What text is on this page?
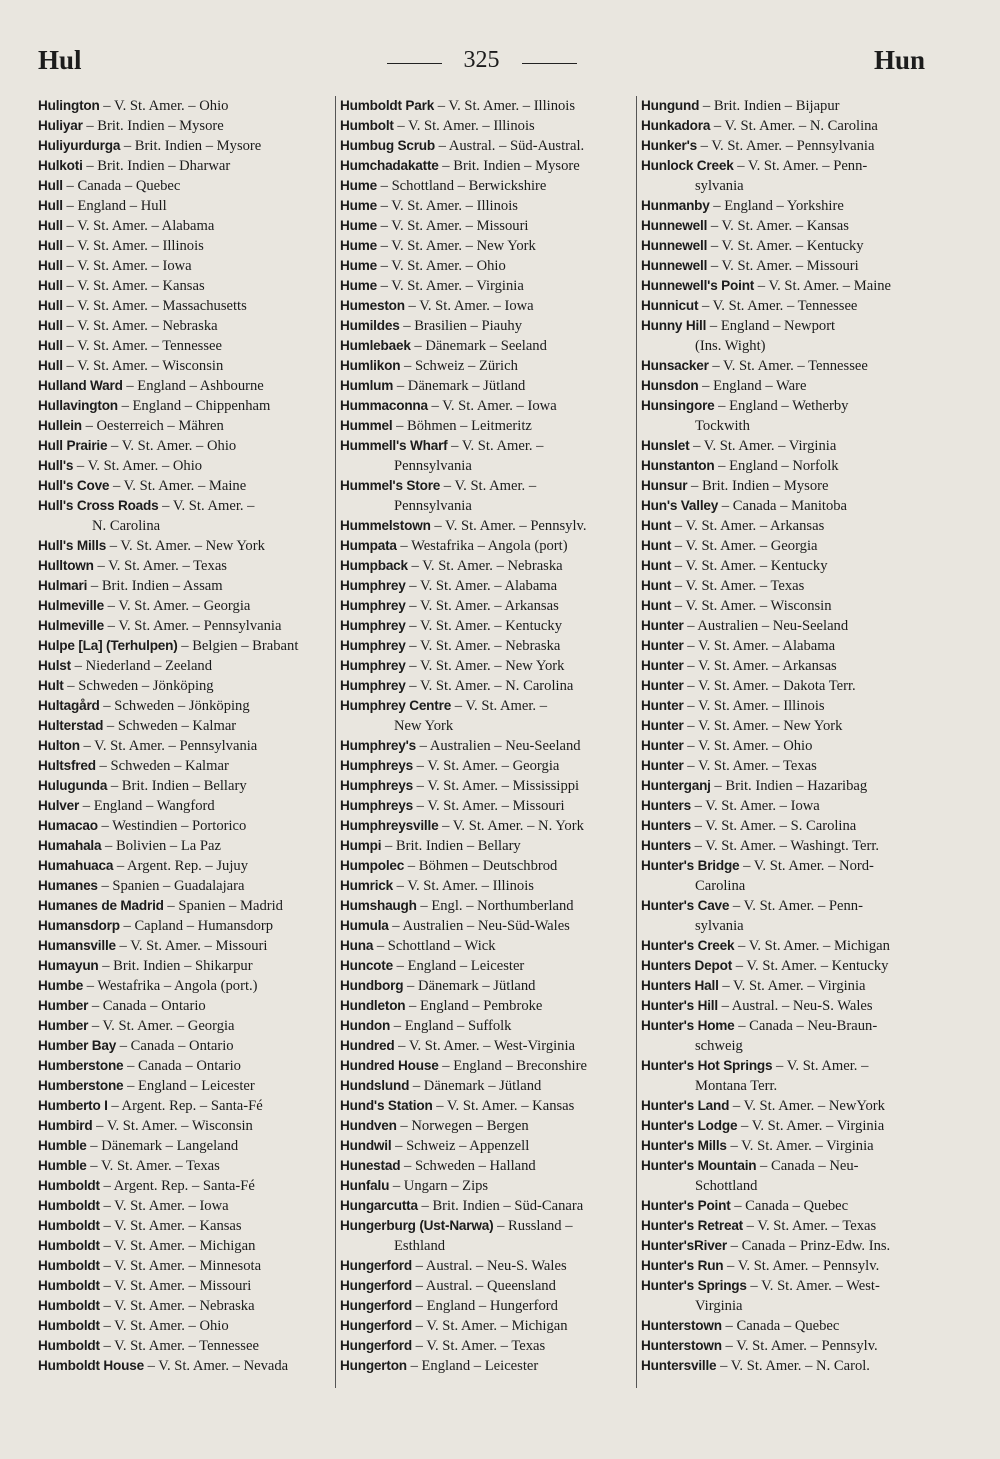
Hul	325	Hun
Hulington – V. St. Amer. – Ohio
Huliyar – Brit. Indien – Mysore
Huliyurdurga – Brit. Indien – Mysore
Hulkoti – Brit. Indien – Dharwar
Hull – Canada – Quebec
Hull – England – Hull
Hull – V. St. Amer. – Alabama
Hull – V. St. Amer. – Illinois
Hull – V. St. Amer. – Iowa
Hull – V. St. Amer. – Kansas
Hull – V. St. Amer. – Massachusetts
Hull – V. St. Amer. – Nebraska
Hull – V. St. Amer. – Tennessee
Hull – V. St. Amer. – Wisconsin
Hulland Ward – England – Ashbourne
Hullavington – England – Chippenham
Hullein – Oesterreich – Mähren
Hull Prairie – V. St. Amer. – Ohio
Hull's – V. St. Amer. – Ohio
Hull's Cove – V. St. Amer. – Maine
Hull's Cross Roads – V. St. Amer. –
N. Carolina
Hull's Mills – V. St. Amer. – New York
Hulltown – V. St. Amer. – Texas
Hulmari – Brit. Indien – Assam
Hulmeville – V. St. Amer. – Georgia
Hulmeville – V. St. Amer. – Pennsylvania
Hulpe [La] (Terhulpen) – Belgien – Brabant
Hulst – Niederland – Zeeland
Hult – Schweden – Jönköping
Hultagård – Schweden – Jönköping
Hulterstad – Schweden – Kalmar
Hulton – V. St. Amer. – Pennsylvania
Hultsfred – Schweden – Kalmar
Hulugunda – Brit. Indien – Bellary
Hulver – England – Wangford
Humacao – Westindien – Portorico
Humahala – Bolivien – La Paz
Humahuaca – Argent. Rep. – Jujuy
Humanes – Spanien – Guadalajara
Humanes de Madrid – Spanien – Madrid
Humansdorp – Capland – Humansdorp
Humansville – V. St. Amer. – Missouri
Humayun – Brit. Indien – Shikarpur
Humbe – Westafrika – Angola (port.)
Humber – Canada – Ontario
Humber – V. St. Amer. – Georgia
Humber Bay – Canada – Ontario
Humberstone – Canada – Ontario
Humberstone – England – Leicester
Humberto I – Argent. Rep. – Santa-Fé
Humbird – V. St. Amer. – Wisconsin
Humble – Dänemark – Langeland
Humble – V. St. Amer. – Texas
Humboldt – Argent. Rep. – Santa-Fé
Humboldt – V. St. Amer. – Iowa
Humboldt – V. St. Amer. – Kansas
Humboldt – V. St. Amer. – Michigan
Humboldt – V. St. Amer. – Minnesota
Humboldt – V. St. Amer. – Missouri
Humboldt – V. St. Amer. – Nebraska
Humboldt – V. St. Amer. – Ohio
Humboldt – V. St. Amer. – Tennessee
Humboldt House – V. St. Amer. – Nevada
Humboldt Park – V. St. Amer. – Illinois
Humbolt – V. St. Amer. – Illinois
Humbug Scrub – Austral. – Süd-Austral.
Humchadakatte – Brit. Indien – Mysore
Hume – Schottland – Berwickshire
Hume – V. St. Amer. – Illinois
Hume – V. St. Amer. – Missouri
Hume – V. St. Amer. – New York
Hume – V. St. Amer. – Ohio
Hume – V. St. Amer. – Virginia
Humeston – V. St. Amer. – Iowa
Humildes – Brasilien – Piauhy
Humlebaek – Dänemark – Seeland
Humlikon – Schweiz – Zürich
Humlum – Dänemark – Jütland
Hummaconna – V. St. Amer. – Iowa
Hummel – Böhmen – Leitmeritz
Hummell's Wharf – V. St. Amer. –
Pennsylvania
Hummel's Store – V. St. Amer. –
Pennsylvania
Hummelstown – V. St. Amer. – Pennsylv.
Humpata – Westafrika – Angola (port)
Humpback – V. St. Amer. – Nebraska
Humphrey – V. St. Amer. – Alabama
Humphrey – V. St. Amer. – Arkansas
Humphrey – V. St. Amer. – Kentucky
Humphrey – V. St. Amer. – Nebraska
Humphrey – V. St. Amer. – New York
Humphrey – V. St. Amer. – N. Carolina
Humphrey Centre – V. St. Amer. –
New York
Humphrey's – Australien – Neu-Seeland
Humphreys – V. St. Amer. – Georgia
Humphreys – V. St. Amer. – Mississippi
Humphreys – V. St. Amer. – Missouri
Humphreysville – V. St. Amer. – N. York
Humpi – Brit. Indien – Bellary
Humpolec – Böhmen – Deutschbrod
Humrick – V. St. Amer. – Illinois
Humshaugh – Engl. – Northumberland
Humula – Australien – Neu-Süd-Wales
Huna – Schottland – Wick
Huncote – England – Leicester
Hundborg – Dänemark – Jütland
Hundleton – England – Pembroke
Hundon – England – Suffolk
Hundred – V. St. Amer. – West-Virginia
Hundred House – England – Breconshire
Hundslund – Dänemark – Jütland
Hund's Station – V. St. Amer. – Kansas
Hundven – Norwegen – Bergen
Hundwil – Schweiz – Appenzell
Hunestad – Schweden – Halland
Hunfalu – Ungarn – Zips
Hungarcutta – Brit. Indien – Süd-Canara
Hungerburg (Ust-Narwa) – Russland –
Esthland
Hungerford – Austral. – Neu-S. Wales
Hungerford – Austral. – Queensland
Hungerford – England – Hungerford
Hungerford – V. St. Amer. – Michigan
Hungerford – V. St. Amer. – Texas
Hungerton – England – Leicester
Hungund – Brit. Indien – Bijapur
Hunkadora – V. St. Amer. – N. Carolina
Hunker's – V. St. Amer. – Pennsylvania
Hunlock Creek – V. St. Amer. – Penn-
sylvania
Hunmanby – England – Yorkshire
Hunnewell – V. St. Amer. – Kansas
Hunnewell – V. St. Amer. – Kentucky
Hunnewell – V. St. Amer. – Missouri
Hunnewell's Point – V. St. Amer. – Maine
Hunnicut – V. St. Amer. – Tennessee
Hunny Hill – England – Newport
(Ins. Wight)
Hunsacker – V. St. Amer. – Tennessee
Hunsdon – England – Ware
Hunsingore – England – Wetherby
Tockwith
Hunslet – V. St. Amer. – Virginia
Hunstanton – England – Norfolk
Hunsur – Brit. Indien – Mysore
Hun's Valley – Canada – Manitoba
Hunt – V. St. Amer. – Arkansas
Hunt – V. St. Amer. – Georgia
Hunt – V. St. Amer. – Kentucky
Hunt – V. St. Amer. – Texas
Hunt – V. St. Amer. – Wisconsin
Hunter – Australien – Neu-Seeland
Hunter – V. St. Amer. – Alabama
Hunter – V. St. Amer. – Arkansas
Hunter – V. St. Amer. – Dakota Terr.
Hunter – V. St. Amer. – Illinois
Hunter – V. St. Amer. – New York
Hunter – V. St. Amer. – Ohio
Hunter – V. St. Amer. – Texas
Hunterganj – Brit. Indien – Hazaribag
Hunters – V. St. Amer. – Iowa
Hunters – V. St. Amer. – S. Carolina
Hunters – V. St. Amer. – Washingt. Terr.
Hunter's Bridge – V. St. Amer. – Nord-
Carolina
Hunter's Cave – V. St. Amer. – Penn-
sylvania
Hunter's Creek – V. St. Amer. – Michigan
Hunters Depot – V. St. Amer. – Kentucky
Hunters Hall – V. St. Amer. – Virginia
Hunter's Hill – Austral. – Neu-S. Wales
Hunter's Home – Canada – Neu-Braun-
schweig
Hunter's Hot Springs – V. St. Amer. –
Montana Terr.
Hunter's Land – V. St. Amer. – NewYork
Hunter's Lodge – V. St. Amer. – Virginia
Hunter's Mills – V. St. Amer. – Virginia
Hunter's Mountain – Canada – Neu-
Schottland
Hunter's Point – Canada – Quebec
Hunter's Retreat – V. St. Amer. – Texas
Hunter'sRiver – Canada – Prinz-Edw. Ins.
Hunter's Run – V. St. Amer. – Pennsylv.
Hunter's Springs – V. St. Amer. – West-
Virginia
Hunterstown – Canada – Quebec
Hunterstown – V. St. Amer. – Pennsylv.
Huntersville – V. St. Amer. – N. Carol.
